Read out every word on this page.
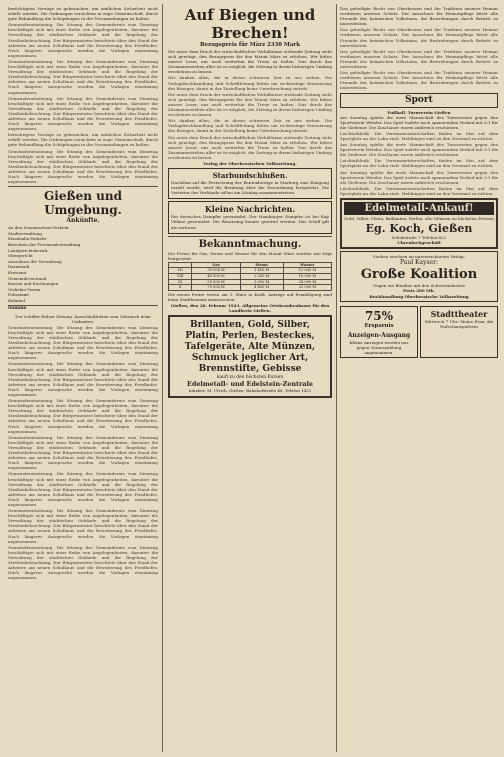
berüchtigten Vorzüge zu gebrauchen, um amtlichen Sicherheit nicht erfaßt werden. Die Ordnungen verzichten in enge Gemeinschaft, durch gute Behandlung die Schöpfungen in der Versammlungen zu halten.

Gemeinderatssitzung. Die Sitzung des Gemeinderats vom Dienstag beschäftigte sich mit einer Reihe von Angelegenheiten, darunter die Verwaltung der städtischen Gebäude und die Regelung der Straßenbeleuchtung. Der Bürgermeister berichtete über den Stand der Arbeiten am neuen Schulhaus und die Erweiterung des Friedhofes. Nach längerer Aussprache wurden die Vorlagen einstimmig angenommen.

Gemeinderatssitzung. Die Sitzung des Gemeinderats vom Dienstag beschäftigte sich mit einer Reihe von Angelegenheiten, darunter die Verwaltung der städtischen Gebäude und die Regelung der Straßenbeleuchtung. Der Bürgermeister berichtete über den Stand der Arbeiten am neuen Schulhaus und die Erweiterung des Friedhofes. Nach längerer Aussprache wurden die Vorlagen einstimmig angenommen.

Gemeinderatssitzung. Die Sitzung des Gemeinderats vom Dienstag beschäftigte sich mit einer Reihe von Angelegenheiten, darunter die Verwaltung der städtischen Gebäude und die Regelung der Straßenbeleuchtung. Der Bürgermeister berichtete über den Stand der Arbeiten am neuen Schulhaus und die Erweiterung des Friedhofes. Nach längerer Aussprache wurden die Vorlagen einstimmig angenommen.

berüchtigten Vorzüge zu gebrauchen, um amtlichen Sicherheit nicht erfaßt werden. Die Ordnungen verzichten in enge Gemeinschaft, durch gute Behandlung die Schöpfungen in der Versammlungen zu halten.

Gemeinderatssitzung. Die Sitzung des Gemeinderats vom Dienstag beschäftigte sich mit einer Reihe von Angelegenheiten, darunter die Verwaltung der städtischen Gebäude und die Regelung der Straßenbeleuchtung. Der Bürgermeister berichtete über den Stand der Arbeiten am neuen Schulhaus und die Erweiterung des Friedhofes. Nach längerer Aussprache wurden die Vorlagen einstimmig angenommen.

Gießen und Umgebung.
Ankünfte.
An den Sonnenschein-Verkehr
Stadtverwaltung
Eisenbahn-Verkehr
Berichten der Provinzialverwaltung
Landgerichtsbezirk
Obergericht
Ausschuss der Verwaltung
Darmstadt
Kreisamt
Gemeindevorstand
Kassen und Rechnungen
Verkehrs-Verein
Polizeiamt
Bahnhof
Summe

Der Schiffer Holzer Zeitung. Ausschlußfristen zum Gebrauch beim Umbauten.

Gemeinderatssitzung. Die Sitzung des Gemeinderats vom Dienstag beschäftigte sich mit einer Reihe von Angelegenheiten, darunter die Verwaltung der städtischen Gebäude und die Regelung der Straßenbeleuchtung. Der Bürgermeister berichtete über den Stand der Arbeiten am neuen Schulhaus und die Erweiterung des Friedhofes. Nach längerer Aussprache wurden die Vorlagen einstimmig angenommen.

Gemeinderatssitzung. Die Sitzung des Gemeinderats vom Dienstag beschäftigte sich mit einer Reihe von Angelegenheiten, darunter die Verwaltung der städtischen Gebäude und die Regelung der Straßenbeleuchtung. Der Bürgermeister berichtete über den Stand der Arbeiten am neuen Schulhaus und die Erweiterung des Friedhofes. Nach längerer Aussprache wurden die Vorlagen einstimmig angenommen.

Gemeinderatssitzung. Die Sitzung des Gemeinderats vom Dienstag beschäftigte sich mit einer Reihe von Angelegenheiten, darunter die Verwaltung der städtischen Gebäude und die Regelung der Straßenbeleuchtung. Der Bürgermeister berichtete über den Stand der Arbeiten am neuen Schulhaus und die Erweiterung des Friedhofes. Nach längerer Aussprache wurden die Vorlagen einstimmig angenommen.

Gemeinderatssitzung. Die Sitzung des Gemeinderats vom Dienstag beschäftigte sich mit einer Reihe von Angelegenheiten, darunter die Verwaltung der städtischen Gebäude und die Regelung der Straßenbeleuchtung. Der Bürgermeister berichtete über den Stand der Arbeiten am neuen Schulhaus und die Erweiterung des Friedhofes. Nach längerer Aussprache wurden die Vorlagen einstimmig angenommen.

Gemeinderatssitzung. Die Sitzung des Gemeinderats vom Dienstag beschäftigte sich mit einer Reihe von Angelegenheiten, darunter die Verwaltung der städtischen Gebäude und die Regelung der Straßenbeleuchtung. Der Bürgermeister berichtete über den Stand der Arbeiten am neuen Schulhaus und die Erweiterung des Friedhofes. Nach längerer Aussprache wurden die Vorlagen einstimmig angenommen.

Gemeinderatssitzung. Die Sitzung des Gemeinderats vom Dienstag beschäftigte sich mit einer Reihe von Angelegenheiten, darunter die Verwaltung der städtischen Gebäude und die Regelung der Straßenbeleuchtung. Der Bürgermeister berichtete über den Stand der Arbeiten am neuen Schulhaus und die Erweiterung des Friedhofes. Nach längerer Aussprache wurden die Vorlagen einstimmig angenommen.

Gemeinderatssitzung. Die Sitzung des Gemeinderats vom Dienstag beschäftigte sich mit einer Reihe von Angelegenheiten, darunter die Verwaltung der städtischen Gebäude und die Regelung der Straßenbeleuchtung. Der Bürgermeister berichtete über den Stand der Arbeiten am neuen Schulhaus und die Erweiterung des Friedhofes. Nach längerer Aussprache wurden die Vorlagen einstimmig angenommen.

Auf Biegen und Brechen!
Bezugspreis für März 2330 Mark

Die unter dem Druck der wirtschaftlichen Verhältnisse stehende Zeitung sieht sich genötigt, den Bezugspreis für den Monat März zu erhöhen. Wir bitten unsere Leser, uns auch weiterhin die Treue zu halten. Nur durch das Zusammenstehen aller ist es möglich, die Zeitung in ihrem bisherigen Umfang erscheinen zu lassen.

Wir danken allen, die in dieser schweren Zeit zu uns stehen. Die Verlagsbuchhandlung und Schriftleitung bitten um rechtzeitige Erneuerung des Bezuges, damit in der Zustellung keine Unterbrechung eintritt.

Die unter dem Druck der wirtschaftlichen Verhältnisse stehende Zeitung sieht sich genötigt, den Bezugspreis für den Monat März zu erhöhen. Wir bitten unsere Leser, uns auch weiterhin die Treue zu halten. Nur durch das Zusammenstehen aller ist es möglich, die Zeitung in ihrem bisherigen Umfang erscheinen zu lassen.

Wir danken allen, die in dieser schweren Zeit zu uns stehen. Die Verlagsbuchhandlung und Schriftleitung bitten um rechtzeitige Erneuerung des Bezuges, damit in der Zustellung keine Unterbrechung eintritt.

Die unter dem Druck der wirtschaftlichen Verhältnisse stehende Zeitung sieht sich genötigt, den Bezugspreis für den Monat März zu erhöhen. Wir bitten unsere Leser, uns auch weiterhin die Treue zu halten. Nur durch das Zusammenstehen aller ist es möglich, die Zeitung in ihrem bisherigen Umfang erscheinen zu lassen.

Verlag der Oberhessischen Volkszeitung.

Starbundschlußen.

Nachdem auf die Festsetzung der Rentenbezüge in Marburg eine Einigung erzielt wurde, wird die Beratung über die Neuordnung fortgesetzt. Die Vertreter der Verbände sollen am Montag zusammentreten.

Kleine Nachrichten.

Ein deutsches Dampfer gestrandet. Der Hamburger Dampfer ist bei Kap Villano gestrandet. Die Besatzung konnte gerettet werden. Das Schiff gilt als verloren.

Bekanntmachung.

Die Preise für Gas, Strom und Wasser für den Monat März werden wie folgt festgesetzt:

	Gas	Strom	Wasser
VII	30 000 M	1 400 M	12 000 M
VIII	40 000 M	2 200 M	18 000 M
IX	55 000 M	3 000 M	24 000 M
X	70 000 M	4 400 M	32 000 M

Die neuen Preise treten am 1. März in Kraft. Anträge auf Ermäßigung sind beim Stadtbauamt einzureichen.

Gießen, den 28. Februar 1923. Allgemeine Ortskrankenkasse für den Landkreis Gießen.

Brillanten, Gold, Silber,
Platin, Perlen, Besteckes,
Tafelgeräte, Alte Münzen,
Schmuck jeglicher Art,
Brennstifte, Gebisse
kauft zu den höchsten Kursen
Edelmetall- und Edelstein-Zentrale
Inhaber: M. Ulrich, Gießen, Bahnhofstraße 48, Telefon 1421

Das geheiligte Recht von Oberhessen und die Tradition unserer Heimat verdienen unseren Schutz. Der Ausschuss für Heimatpflege bittet alle Freunde des heimischen Volkstums, die Bestrebungen durch Beitritt zu unterstützen.

Das geheiligte Recht von Oberhessen und die Tradition unserer Heimat verdienen unseren Schutz. Der Ausschuss für Heimatpflege bittet alle Freunde des heimischen Volkstums, die Bestrebungen durch Beitritt zu unterstützen.

Das geheiligte Recht von Oberhessen und die Tradition unserer Heimat verdienen unseren Schutz. Der Ausschuss für Heimatpflege bittet alle Freunde des heimischen Volkstums, die Bestrebungen durch Beitritt zu unterstützen.

Das geheiligte Recht von Oberhessen und die Tradition unserer Heimat verdienen unseren Schutz. Der Ausschuss für Heimatpflege bittet alle Freunde des heimischen Volkstums, die Bestrebungen durch Beitritt zu unterstützen.

Sport
Fußball. Turnverein Gießen

Am Sonntag spielte die erste Mannschaft des Turnvereins gegen den Sportverein Wetzlar. Das Spiel endete nach spannendem Verlauf mit 3:1 für die Gießener. Die Zuschauer waren zahlreich erschienen.

Leichtathletik. Die Vereinsmeisterschaften finden im Mai auf dem Sportplatz an der Lahn statt. Meldungen sind an den Vorstand zu richten.

Am Sonntag spielte die erste Mannschaft des Turnvereins gegen den Sportverein Wetzlar. Das Spiel endete nach spannendem Verlauf mit 3:1 für die Gießener. Die Zuschauer waren zahlreich erschienen.

Leichtathletik. Die Vereinsmeisterschaften finden im Mai auf dem Sportplatz an der Lahn statt. Meldungen sind an den Vorstand zu richten.

Am Sonntag spielte die erste Mannschaft des Turnvereins gegen den Sportverein Wetzlar. Das Spiel endete nach spannendem Verlauf mit 3:1 für die Gießener. Die Zuschauer waren zahlreich erschienen.

Leichtathletik. Die Vereinsmeisterschaften finden im Mai auf dem Sportplatz an der Lahn statt. Meldungen sind an den Vorstand zu richten.

Edelmetall-Ankauf!

Gold, Silber, Platin, Brillanten, Perlen, alte Münzen zu höchsten Preisen

Eg. Koch, Gießen
Schulstraße 7 Telefon 822
Uhrenfachgeschäft
Soeben erschien im unterzeichneten Verlag:
Paul Kayser:
Große Koalition
Gegen ein Bündnis mit den Schwerindustrie
Preis 300 Mk.
Buchhandlung Oberhessische Volkszeitung
75%
Ersparnis
Anzeigen-Ausgang
Kleine Anzeigen werden nur gegen Vorauszahlung angenommen.
Stadttheater
Mittwoch 7 Uhr: Meine Frau, die Hofschauspielerin
